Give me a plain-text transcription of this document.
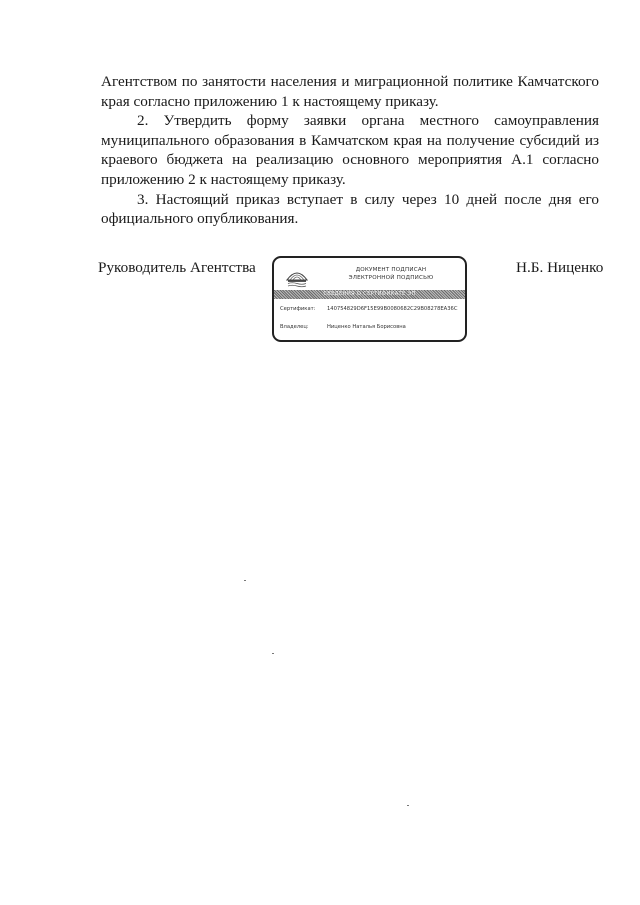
Агентством по занятости населения и миграционной политике Камчатского края согласно приложению 1 к настоящему приказу.

2. Утвердить форму заявки органа местного самоуправления муниципального образования в Камчатском края на получение субсидий из краевого бюджета на реализацию основного мероприятия А.1 согласно приложению 2 к настоящему приказу.

3. Настоящий приказ вступает в силу через 10 дней после дня его официального опубликования.

Руководитель Агентства	Н.Б. Ниценко
ДОКУМЕНТ ПОДПИСАН
ЭЛЕКТРОННОЙ ПОДПИСЬЮ
СВЕДЕНИЯ О СЕРТИФИКАТЕ ЭП
Сертификат: 140754829D6F15E99B0080682C29B08278EA36C
Владелец:	Ниценко Наталья Борисовна
